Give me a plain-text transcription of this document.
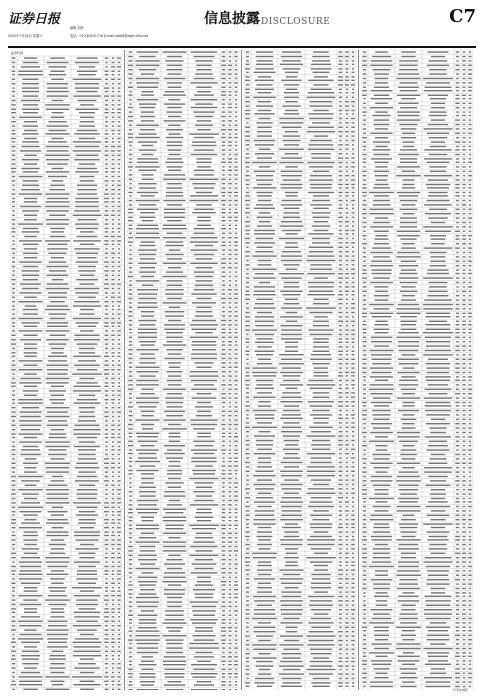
证券日报
2020年7月18日 星期六
编辑 刘欣
电话：010-83251716 E-mail:zqrb9@zqrb.sina.net
信息披露 DISCLOSURE	C7
证券代码
（下转C8版）
